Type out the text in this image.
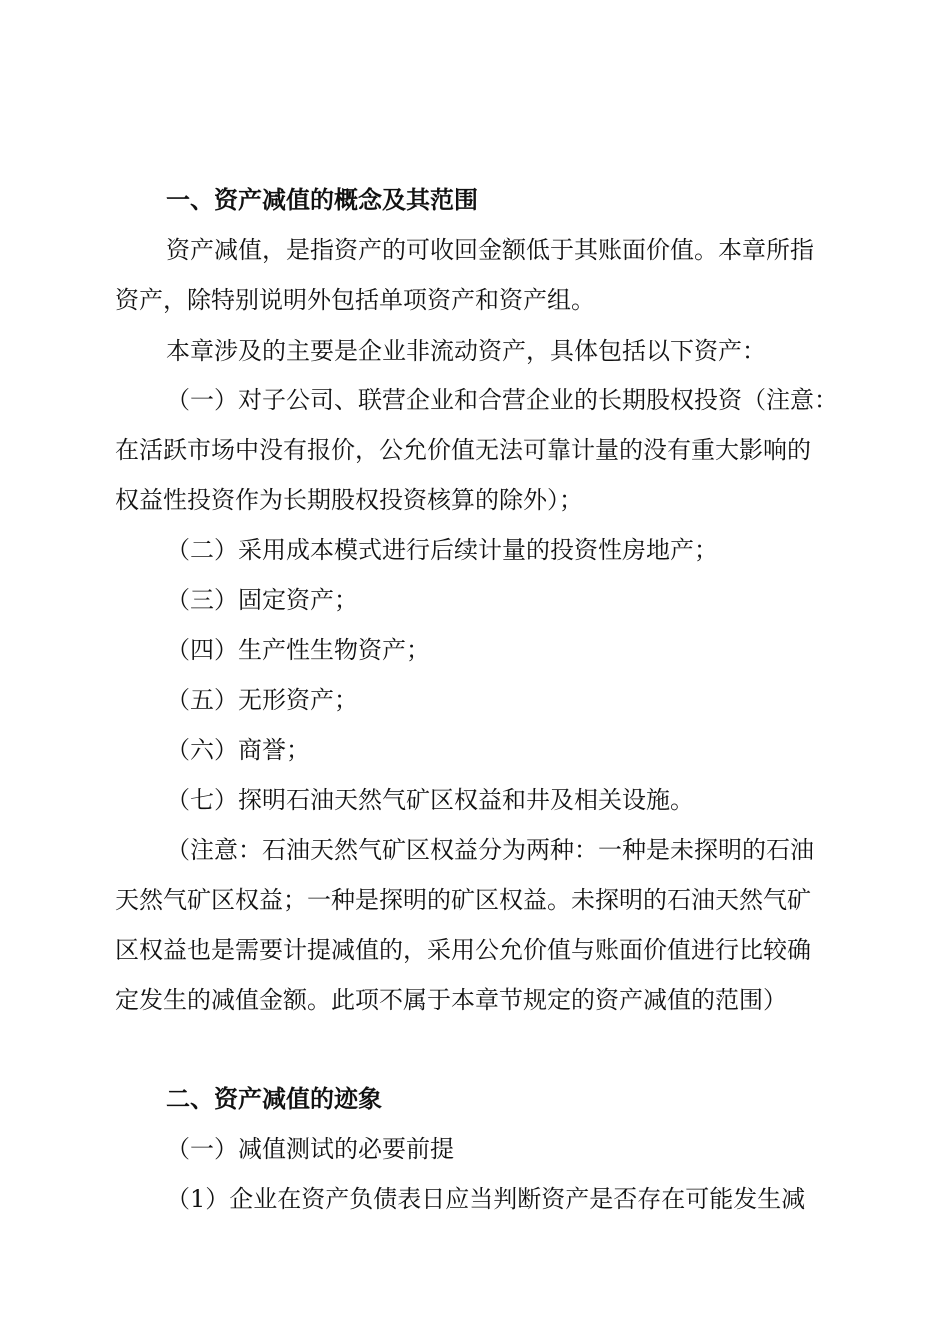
一、资产减值的概念及其范围
资产减值，是指资产的可收回金额低于其账面价值。本章所指
资产，除特别说明外包括单项资产和资产组。
本章涉及的主要是企业非流动资产，具体包括以下资产：
（一）对子公司、联营企业和合营企业的长期股权投资（注意：
在活跃市场中没有报价，公允价值无法可靠计量的没有重大影响的
权益性投资作为长期股权投资核算的除外）；
（二）采用成本模式进行后续计量的投资性房地产；
（三）固定资产；
（四）生产性生物资产；
（五）无形资产；
（六）商誉；
（七）探明石油天然气矿区权益和井及相关设施。
（注意：石油天然气矿区权益分为两种：一种是未探明的石油
天然气矿区权益；一种是探明的矿区权益。未探明的石油天然气矿
区权益也是需要计提减值的，采用公允价值与账面价值进行比较确
定发生的减值金额。此项不属于本章节规定的资产减值的范围）
二、资产减值的迹象
（一）减值测试的必要前提
（1）企业在资产负债表日应当判断资产是否存在可能发生减
